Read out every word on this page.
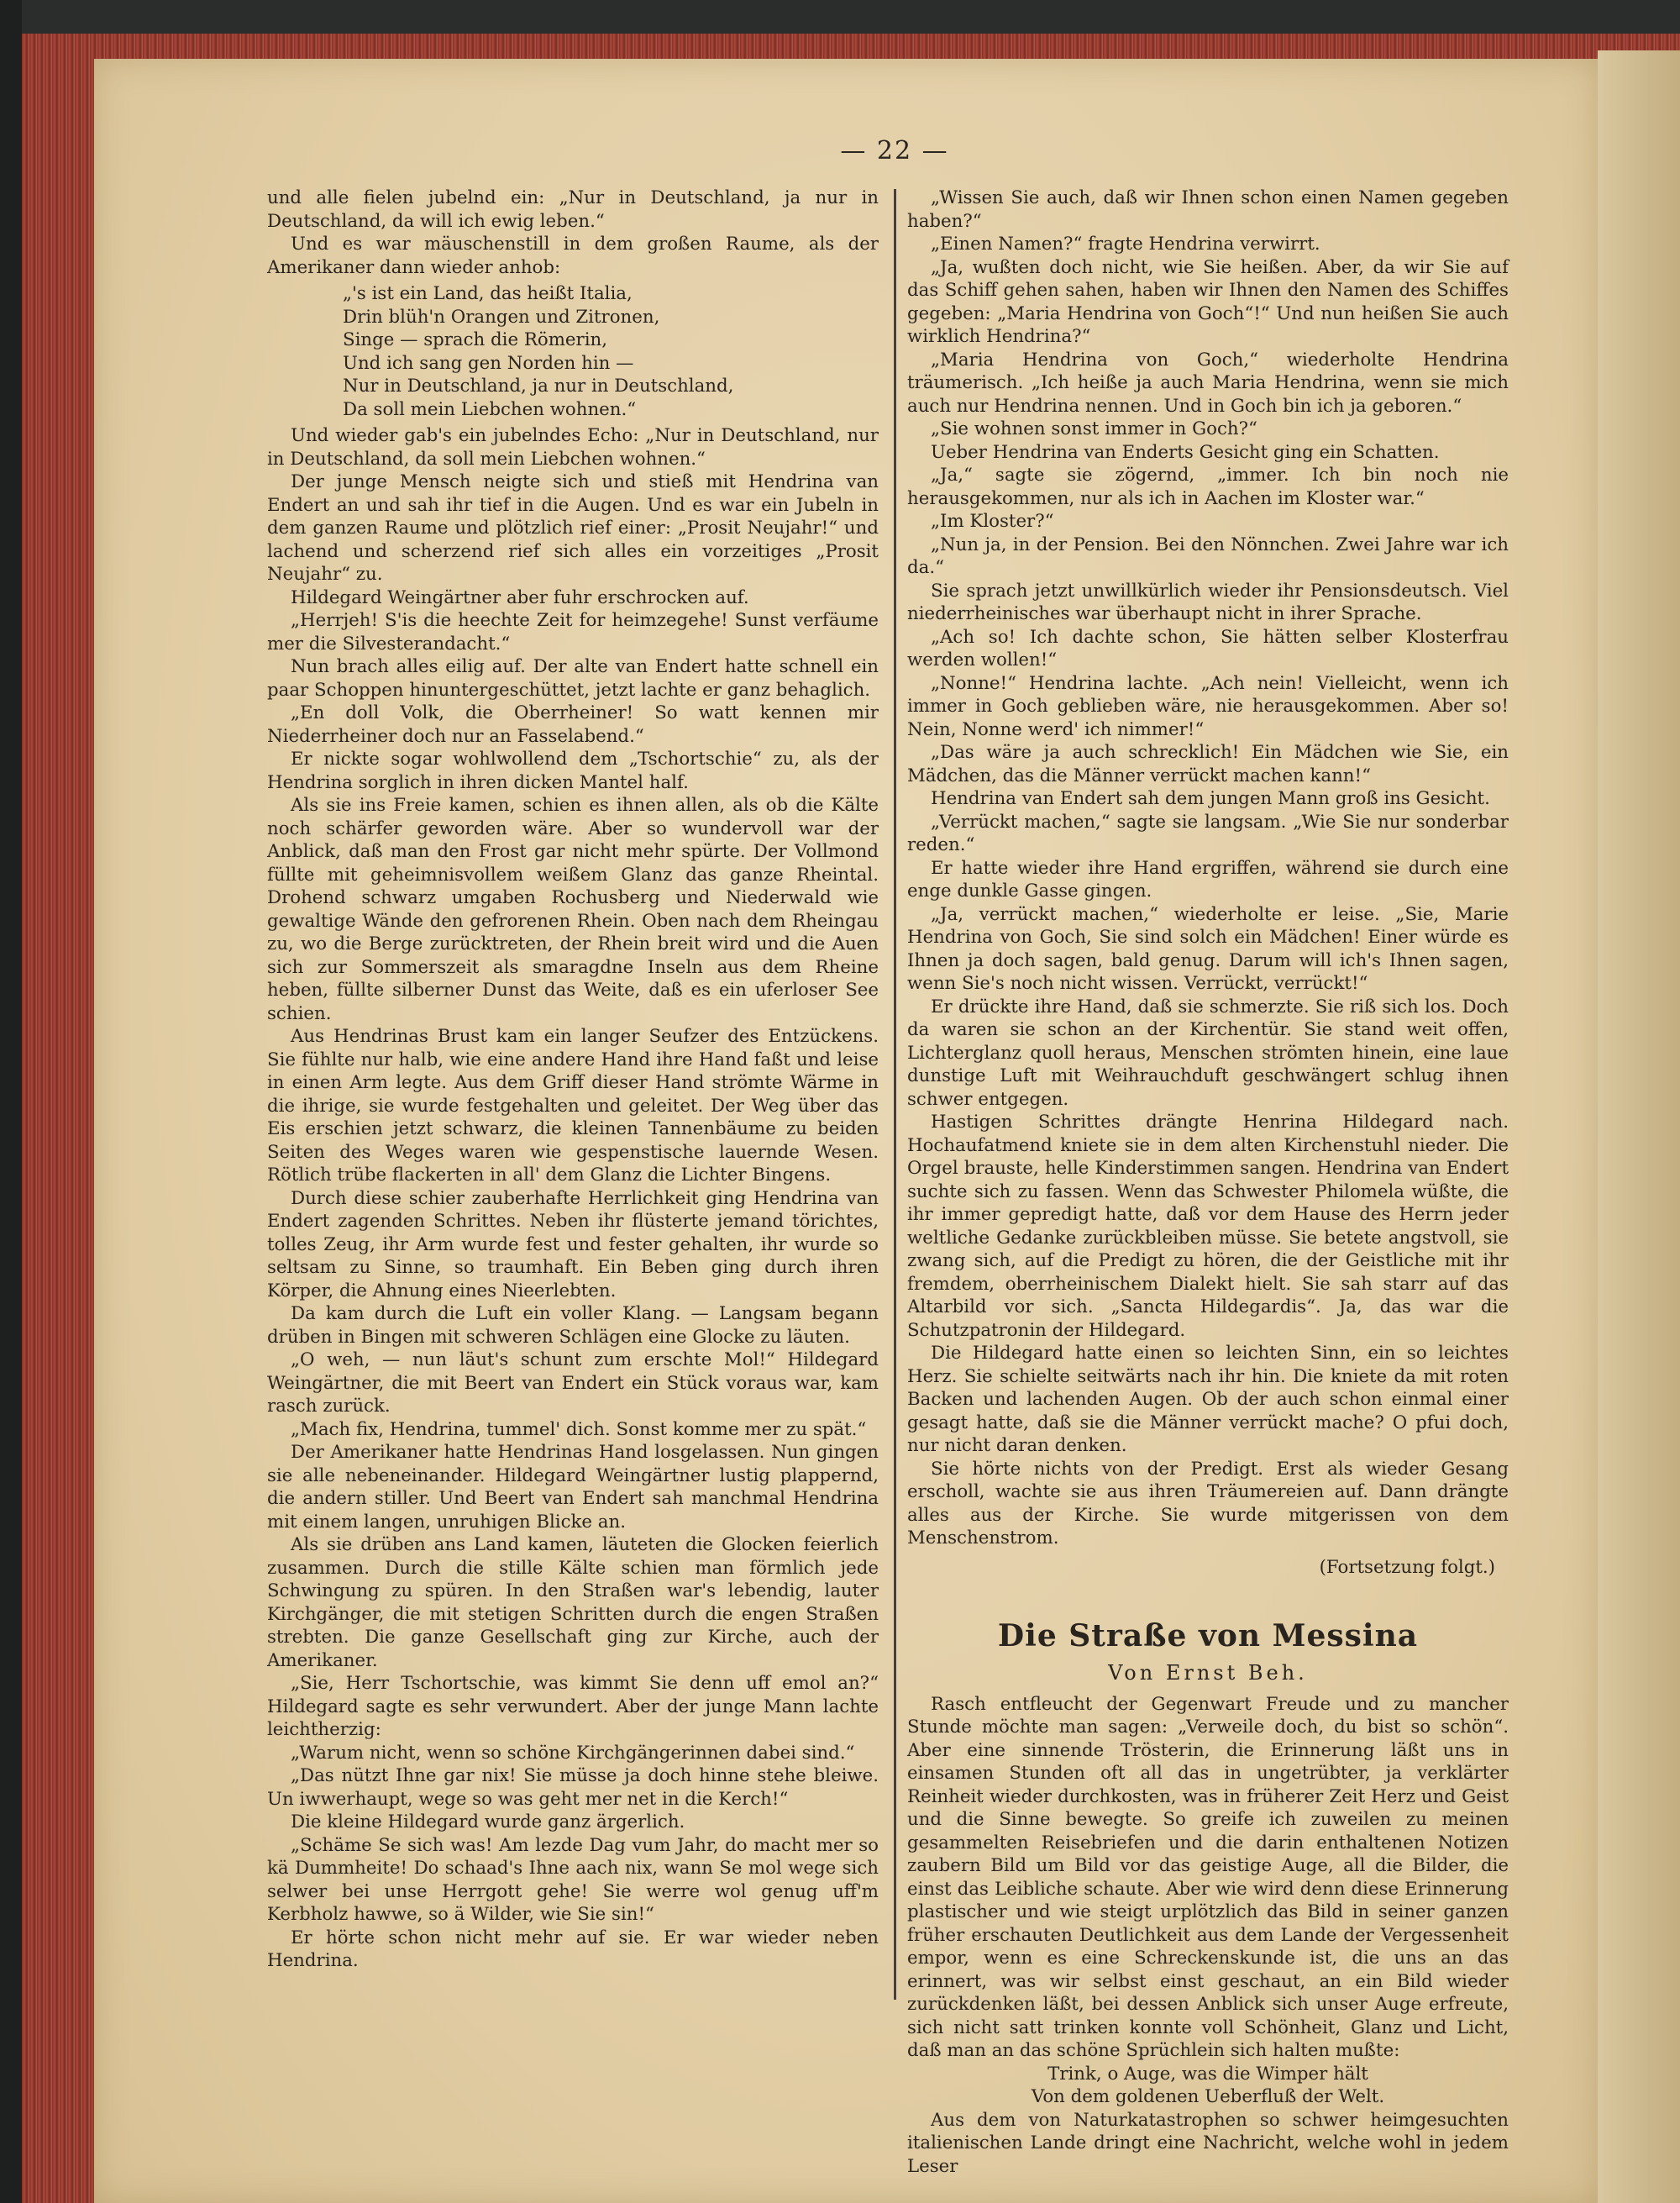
— 22 —

und alle fielen jubelnd ein: „Nur in Deutschland, ja nur in Deutschland, da will ich ewig leben.“

Und es war mäuschenstill in dem großen Raume, als der Amerikaner dann wieder anhob:

„'s ist ein Land, das heißt Italia,
Drin blüh'n Orangen und Zitronen,
Singe — sprach die Römerin,
Und ich sang gen Norden hin —
Nur in Deutschland, ja nur in Deutschland,
Da soll mein Liebchen wohnen.“

Und wieder gab's ein jubelndes Echo: „Nur in Deutschland, nur in Deutschland, da soll mein Liebchen wohnen.“

Der junge Mensch neigte sich und stieß mit Hendrina van Endert an und sah ihr tief in die Augen. Und es war ein Jubeln in dem ganzen Raume und plötzlich rief einer: „Prosit Neujahr!“ und lachend und scherzend rief sich alles ein vorzeitiges „Prosit Neujahr“ zu.

Hildegard Weingärtner aber fuhr erschrocken auf.

„Herrjeh! S'is die heechte Zeit for heimzegehe! Sunst verfäume mer die Silvesterandacht.“

Nun brach alles eilig auf. Der alte van Endert hatte schnell ein paar Schoppen hinuntergeschüttet, jetzt lachte er ganz behaglich.

„En doll Volk, die Oberrheiner! So watt kennen mir Niederrheiner doch nur an Fasselabend.“

Er nickte sogar wohlwollend dem „Tschortschie“ zu, als der Hendrina sorglich in ihren dicken Mantel half.

Als sie ins Freie kamen, schien es ihnen allen, als ob die Kälte noch schärfer geworden wäre. Aber so wundervoll war der Anblick, daß man den Frost gar nicht mehr spürte. Der Vollmond füllte mit geheimnisvollem weißem Glanz das ganze Rheintal. Drohend schwarz umgaben Rochusberg und Niederwald wie gewaltige Wände den gefrorenen Rhein. Oben nach dem Rheingau zu, wo die Berge zurücktreten, der Rhein breit wird und die Auen sich zur Sommerszeit als smaragdne Inseln aus dem Rheine heben, füllte silberner Dunst das Weite, daß es ein uferloser See schien.

Aus Hendrinas Brust kam ein langer Seufzer des Entzückens. Sie fühlte nur halb, wie eine andere Hand ihre Hand faßt und leise in einen Arm legte. Aus dem Griff dieser Hand strömte Wärme in die ihrige, sie wurde festgehalten und geleitet. Der Weg über das Eis erschien jetzt schwarz, die kleinen Tannenbäume zu beiden Seiten des Weges waren wie gespenstische lauernde Wesen. Rötlich trübe flackerten in all' dem Glanz die Lichter Bingens.

Durch diese schier zauberhafte Herrlichkeit ging Hendrina van Endert zagenden Schrittes. Neben ihr flüsterte jemand törichtes, tolles Zeug, ihr Arm wurde fest und fester gehalten, ihr wurde so seltsam zu Sinne, so traumhaft. Ein Beben ging durch ihren Körper, die Ahnung eines Nieerlebten.

Da kam durch die Luft ein voller Klang. — Langsam begann drüben in Bingen mit schweren Schlägen eine Glocke zu läuten.

„O weh, — nun läut's schunt zum erschte Mol!“ Hildegard Weingärtner, die mit Beert van Endert ein Stück voraus war, kam rasch zurück.

„Mach fix, Hendrina, tummel' dich. Sonst komme mer zu spät.“

Der Amerikaner hatte Hendrinas Hand losgelassen. Nun gingen sie alle nebeneinander. Hildegard Weingärtner lustig plappernd, die andern stiller. Und Beert van Endert sah manchmal Hendrina mit einem langen, unruhigen Blicke an.

Als sie drüben ans Land kamen, läuteten die Glocken feierlich zusammen. Durch die stille Kälte schien man förmlich jede Schwingung zu spüren. In den Straßen war's lebendig, lauter Kirchgänger, die mit stetigen Schritten durch die engen Straßen strebten. Die ganze Gesellschaft ging zur Kirche, auch der Amerikaner.

„Sie, Herr Tschortschie, was kimmt Sie denn uff emol an?“ Hildegard sagte es sehr verwundert. Aber der junge Mann lachte leichtherzig:

„Warum nicht, wenn so schöne Kirchgängerinnen dabei sind.“

„Das nützt Ihne gar nix! Sie müsse ja doch hinne stehe bleiwe. Un iwwerhaupt, wege so was geht mer net in die Kerch!“

Die kleine Hildegard wurde ganz ärgerlich.

„Schäme Se sich was! Am lezde Dag vum Jahr, do macht mer so kä Dummheite! Do schaad's Ihne aach nix, wann Se mol wege sich selwer bei unse Herrgott gehe! Sie werre wol genug uff'm Kerbholz hawwe, so ä Wilder, wie Sie sin!“

Er hörte schon nicht mehr auf sie. Er war wieder neben Hendrina.

„Wissen Sie auch, daß wir Ihnen schon einen Namen gegeben haben?“

„Einen Namen?“ fragte Hendrina verwirrt.

„Ja, wußten doch nicht, wie Sie heißen. Aber, da wir Sie auf das Schiff gehen sahen, haben wir Ihnen den Namen des Schiffes gegeben: „Maria Hendrina von Goch“!“ Und nun heißen Sie auch wirklich Hendrina?“

„Maria Hendrina von Goch,“ wiederholte Hendrina träumerisch. „Ich heiße ja auch Maria Hendrina, wenn sie mich auch nur Hendrina nennen. Und in Goch bin ich ja geboren.“

„Sie wohnen sonst immer in Goch?“

Ueber Hendrina van Enderts Gesicht ging ein Schatten.

„Ja,“ sagte sie zögernd, „immer. Ich bin noch nie herausgekommen, nur als ich in Aachen im Kloster war.“

„Im Kloster?“

„Nun ja, in der Pension. Bei den Nönnchen. Zwei Jahre war ich da.“

Sie sprach jetzt unwillkürlich wieder ihr Pensionsdeutsch. Viel niederrheinisches war überhaupt nicht in ihrer Sprache.

„Ach so! Ich dachte schon, Sie hätten selber Klosterfrau werden wollen!“

„Nonne!“ Hendrina lachte. „Ach nein! Vielleicht, wenn ich immer in Goch geblieben wäre, nie herausgekommen. Aber so! Nein, Nonne werd' ich nimmer!“

„Das wäre ja auch schrecklich! Ein Mädchen wie Sie, ein Mädchen, das die Männer verrückt machen kann!“

Hendrina van Endert sah dem jungen Mann groß ins Gesicht.

„Verrückt machen,“ sagte sie langsam. „Wie Sie nur sonderbar reden.“

Er hatte wieder ihre Hand ergriffen, während sie durch eine enge dunkle Gasse gingen.

„Ja, verrückt machen,“ wiederholte er leise. „Sie, Marie Hendrina von Goch, Sie sind solch ein Mädchen! Einer würde es Ihnen ja doch sagen, bald genug. Darum will ich's Ihnen sagen, wenn Sie's noch nicht wissen. Verrückt, verrückt!“

Er drückte ihre Hand, daß sie schmerzte. Sie riß sich los. Doch da waren sie schon an der Kirchentür. Sie stand weit offen, Lichterglanz quoll heraus, Menschen strömten hinein, eine laue dunstige Luft mit Weihrauchduft geschwängert schlug ihnen schwer entgegen.

Hastigen Schrittes drängte Henrina Hildegard nach. Hochaufatmend kniete sie in dem alten Kirchenstuhl nieder. Die Orgel brauste, helle Kinderstimmen sangen. Hendrina van Endert suchte sich zu fassen. Wenn das Schwester Philomela wüßte, die ihr immer gepredigt hatte, daß vor dem Hause des Herrn jeder weltliche Gedanke zurückbleiben müsse. Sie betete angstvoll, sie zwang sich, auf die Predigt zu hören, die der Geistliche mit ihr fremdem, oberrheinischem Dialekt hielt. Sie sah starr auf das Altarbild vor sich. „Sancta Hildegardis“. Ja, das war die Schutzpatronin der Hildegard.

Die Hildegard hatte einen so leichten Sinn, ein so leichtes Herz. Sie schielte seitwärts nach ihr hin. Die kniete da mit roten Backen und lachenden Augen. Ob der auch schon einmal einer gesagt hatte, daß sie die Männer verrückt mache? O pfui doch, nur nicht daran denken.

Sie hörte nichts von der Predigt. Erst als wieder Gesang erscholl, wachte sie aus ihren Träumereien auf. Dann drängte alles aus der Kirche. Sie wurde mitgerissen von dem Menschenstrom.

(Fortsetzung folgt.)
Die Straße von Messina
Von Ernst Beh.

Rasch entfleucht der Gegenwart Freude und zu mancher Stunde möchte man sagen: „Verweile doch, du bist so schön“. Aber eine sinnende Trösterin, die Erinnerung läßt uns in einsamen Stunden oft all das in ungetrübter, ja verklärter Reinheit wieder durchkosten, was in früherer Zeit Herz und Geist und die Sinne bewegte. So greife ich zuweilen zu meinen gesammelten Reisebriefen und die darin enthaltenen Notizen zaubern Bild um Bild vor das geistige Auge, all die Bilder, die einst das Leibliche schaute. Aber wie wird denn diese Erinnerung plastischer und wie steigt urplötzlich das Bild in seiner ganzen früher erschauten Deutlichkeit aus dem Lande der Vergessenheit empor, wenn es eine Schreckenskunde ist, die uns an das erinnert, was wir selbst einst geschaut, an ein Bild wieder zurückdenken läßt, bei dessen Anblick sich unser Auge erfreute, sich nicht satt trinken konnte voll Schönheit, Glanz und Licht, daß man an das schöne Sprüchlein sich halten mußte:

Trink, o Auge, was die Wimper hält
Von dem goldenen Ueberfluß der Welt.

Aus dem von Naturkatastrophen so schwer heimgesuchten italienischen Lande dringt eine Nachricht, welche wohl in jedem Leser
